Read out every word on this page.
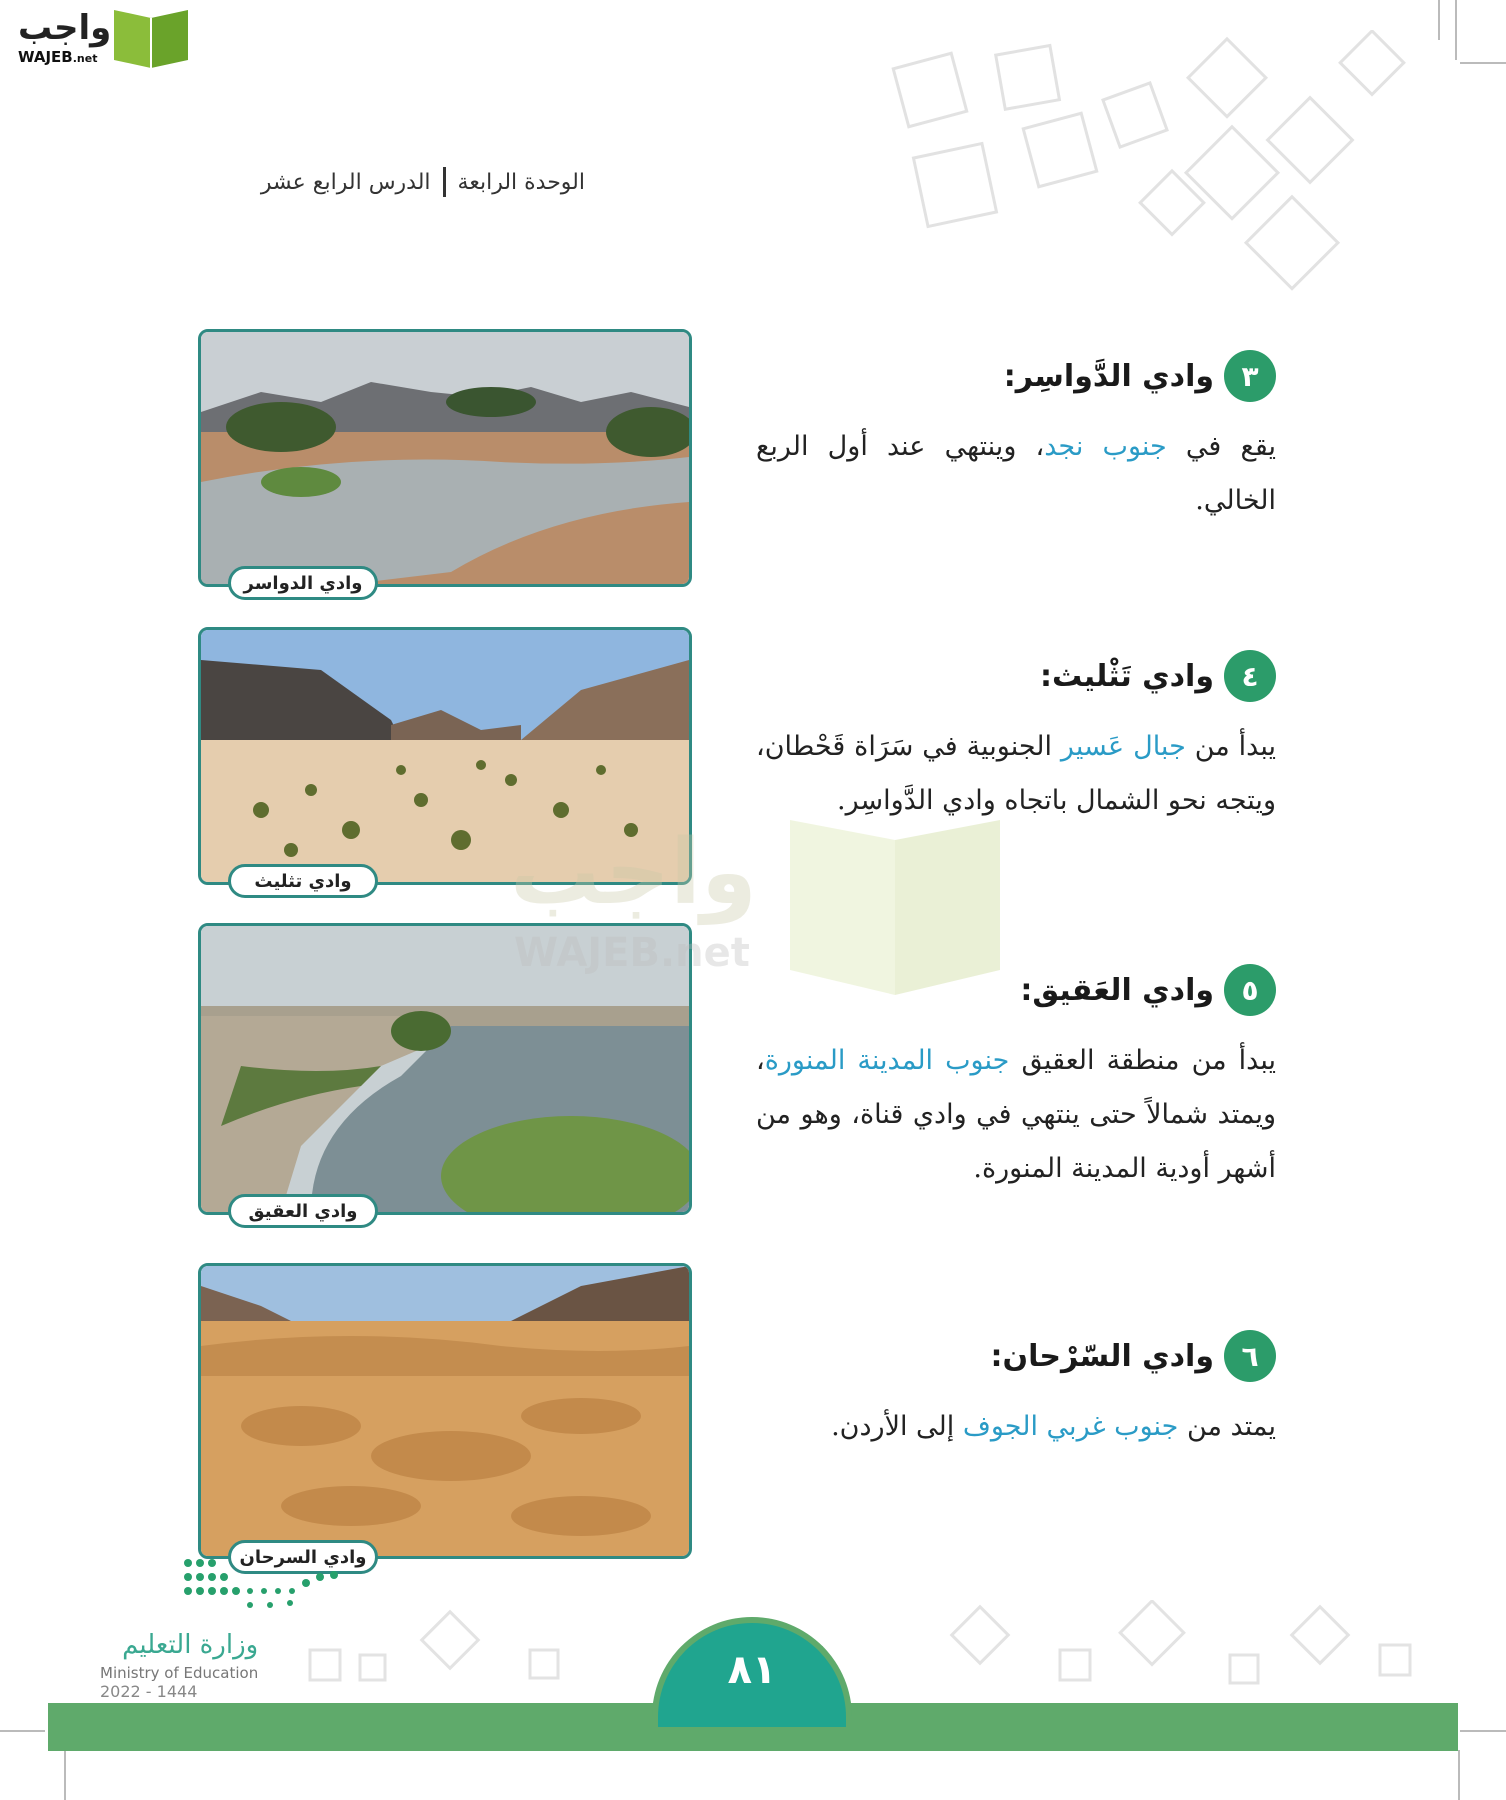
واجب
WAJEB.net
الوحدة الرابعة
الدرس الرابع عشر
وادي الدواسر
وادي تثليث
وادي العقيق
وادي السرحان
٣
وادي الدَّواسِر:
يقع في جنوب نجد، وينتهي عند أول الربع الخالي.
٤
وادي تَثْليث:
يبدأ من جبال عَسير الجنوبية في سَرَاة قَحْطان، ويتجه نحو الشمال باتجاه وادي الدَّواسِر.
٥
وادي العَقيق:
يبدأ من منطقة العقيق جنوب المدينة المنورة، ويمتد شمالاً حتى ينتهي في وادي قناة، وهو من أشهر أودية المدينة المنورة.
٦
وادي السّرْحان:
يمتد من جنوب غربي الجوف إلى الأردن.
واجب
WAJEB.net
وزارة التعليم
Ministry of Education
2022 - 1444	٨١
